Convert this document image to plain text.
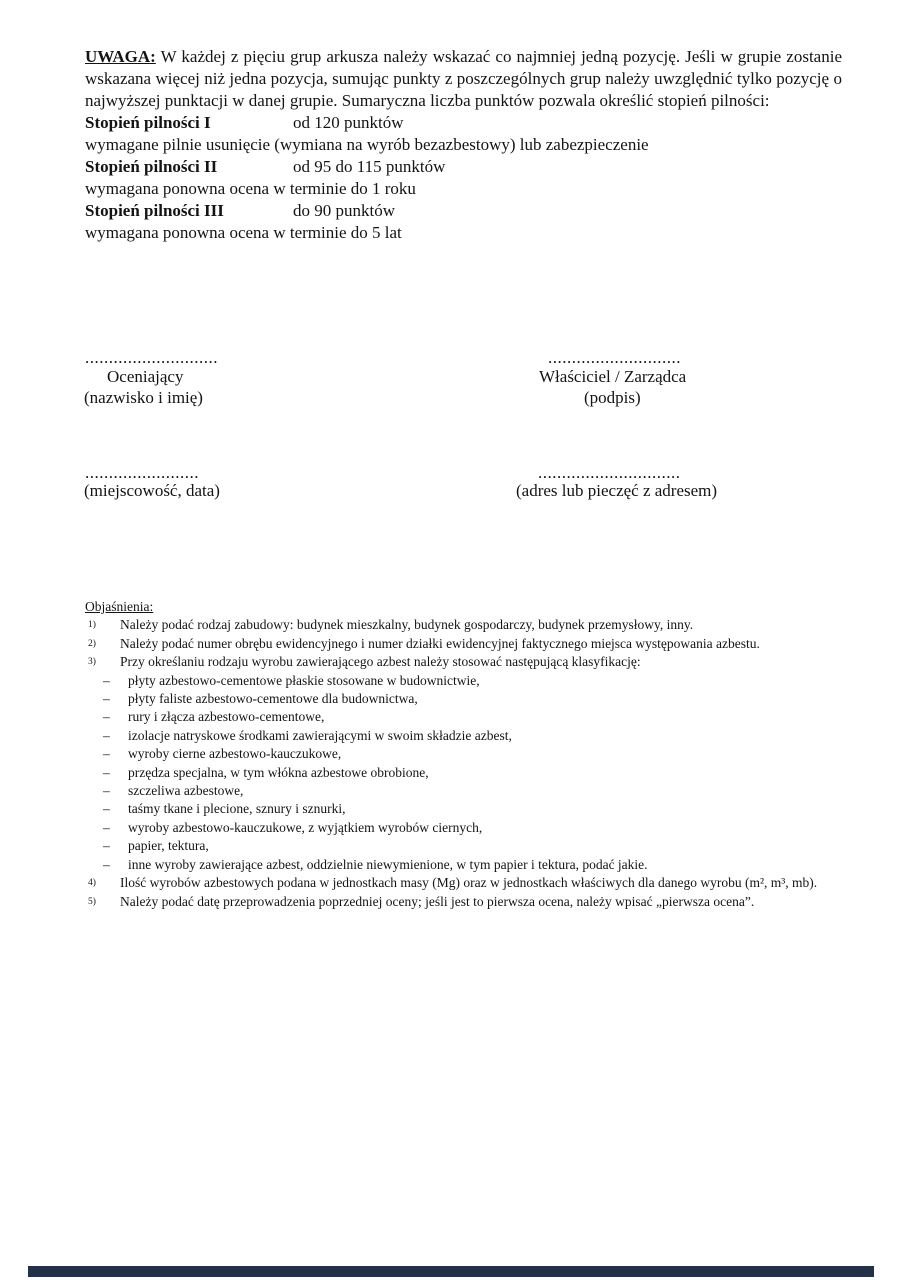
UWAGA: W każdej z pięciu grup arkusza należy wskazać co najmniej jedną pozycję. Jeśli w grupie zostanie wskazana więcej niż jedna pozycja, sumując punkty z poszczególnych grup należy uwzględnić tylko pozycję o najwyższej punktacji w danej grupie. Sumaryczna liczba punktów pozwala określić stopień pilności:

Stopień pilności I	od 120 punktów

wymagane pilnie usunięcie (wymiana na wyrób bezazbestowy) lub zabezpieczenie

Stopień pilności II	od 95 do 115 punktów

wymagana ponowna ocena w terminie do 1 roku

Stopień pilności III	do 90 punktów

wymagana ponowna ocena w terminie do 5 lat

............................
Oceniający
(nazwisko i imię)
............................
Właściciel / Zarządca
(podpis)
........................
(miejscowość, data)
..............................
(adres lub pieczęć z adresem)

Objaśnienia:

1) Należy podać rodzaj zabudowy: budynek mieszkalny, budynek gospodarczy, budynek przemysłowy, inny.

2) Należy podać numer obrębu ewidencyjnego i numer działki ewidencyjnej faktycznego miejsca występowania azbestu.

3) Przy określaniu rodzaju wyrobu zawierającego azbest należy stosować następującą klasyfikację:

– płyty azbestowo-cementowe płaskie stosowane w budownictwie,
– płyty faliste azbestowo-cementowe dla budownictwa,
– rury i złącza azbestowo-cementowe,
– izolacje natryskowe środkami zawierającymi w swoim składzie azbest,
– wyroby cierne azbestowo-kauczukowe,
– przędza specjalna, w tym włókna azbestowe obrobione,
– szczeliwa azbestowe,
– taśmy tkane i plecione, sznury i sznurki,
– wyroby azbestowo-kauczukowe, z wyjątkiem wyrobów ciernych,
– papier, tektura,
– inne wyroby zawierające azbest, oddzielnie niewymienione, w tym papier i tektura, podać jakie.

4) Ilość wyrobów azbestowych podana w jednostkach masy (Mg) oraz w jednostkach właściwych dla danego wyrobu (m², m³, mb).

5) Należy podać datę przeprowadzenia poprzedniej oceny; jeśli jest to pierwsza ocena, należy wpisać „pierwsza ocena”.
